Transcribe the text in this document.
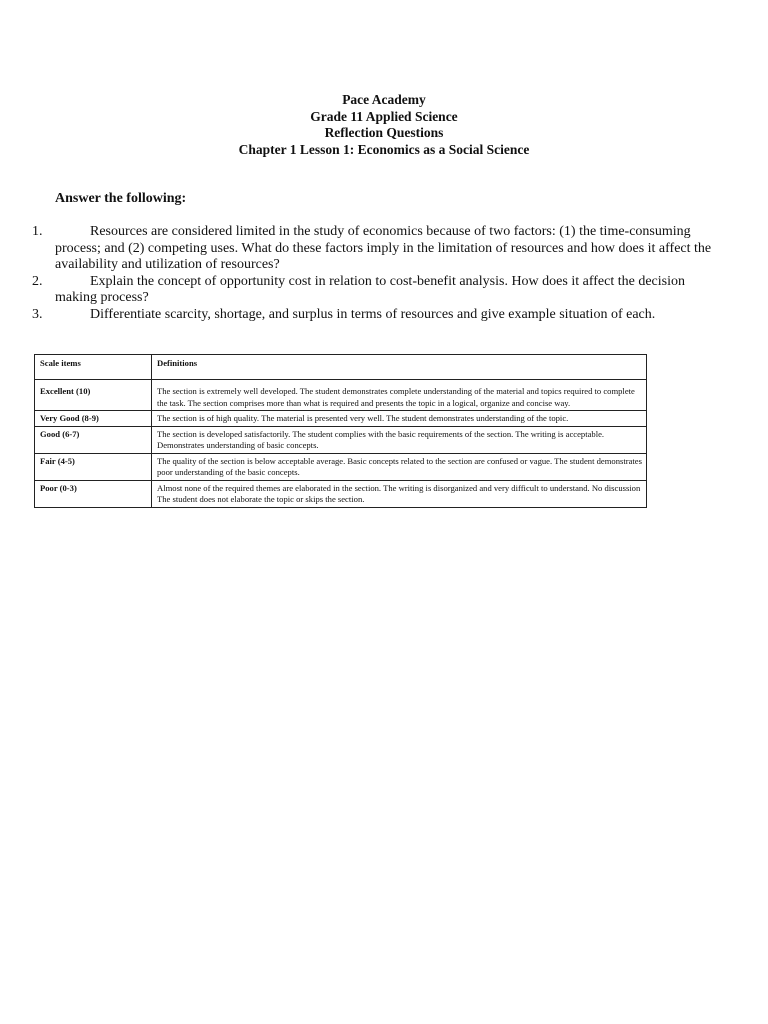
Pace Academy
Grade 11 Applied Science
Reflection Questions
Chapter 1 Lesson 1: Economics as a Social Science
Answer the following:
1.	Resources are considered limited in the study of economics because of two factors: (1) the time-consuming process; and (2) competing uses. What do these factors imply in the limitation of resources and how does it affect the availability and utilization of resources?
2.	Explain the concept of opportunity cost in relation to cost-benefit analysis. How does it affect the decision making process?
3.	Differentiate scarcity, shortage, and surplus in terms of resources and give example situation of each.
Scale items	Definitions
Excellent (10)	The section is extremely well developed. The student demonstrates complete understanding of the material and topics required to complete the task. The section comprises more than what is required and presents the topic in a logical, organize and concise way.
Very Good (8-9)	The section is of high quality. The material is presented very well. The student demonstrates understanding of the topic.
Good (6-7)	The section is developed satisfactorily. The student complies with the basic requirements of the section. The writing is acceptable. Demonstrates understanding of basic concepts.
Fair (4-5)	The quality of the section is below acceptable average. Basic concepts related to the section are confused or vague. The student demonstrates poor understanding of the basic concepts.
Poor (0-3)	Almost none of the required themes are elaborated in the section. The writing is disorganized and very difficult to understand. No discussion The student does not elaborate the topic or skips the section.
